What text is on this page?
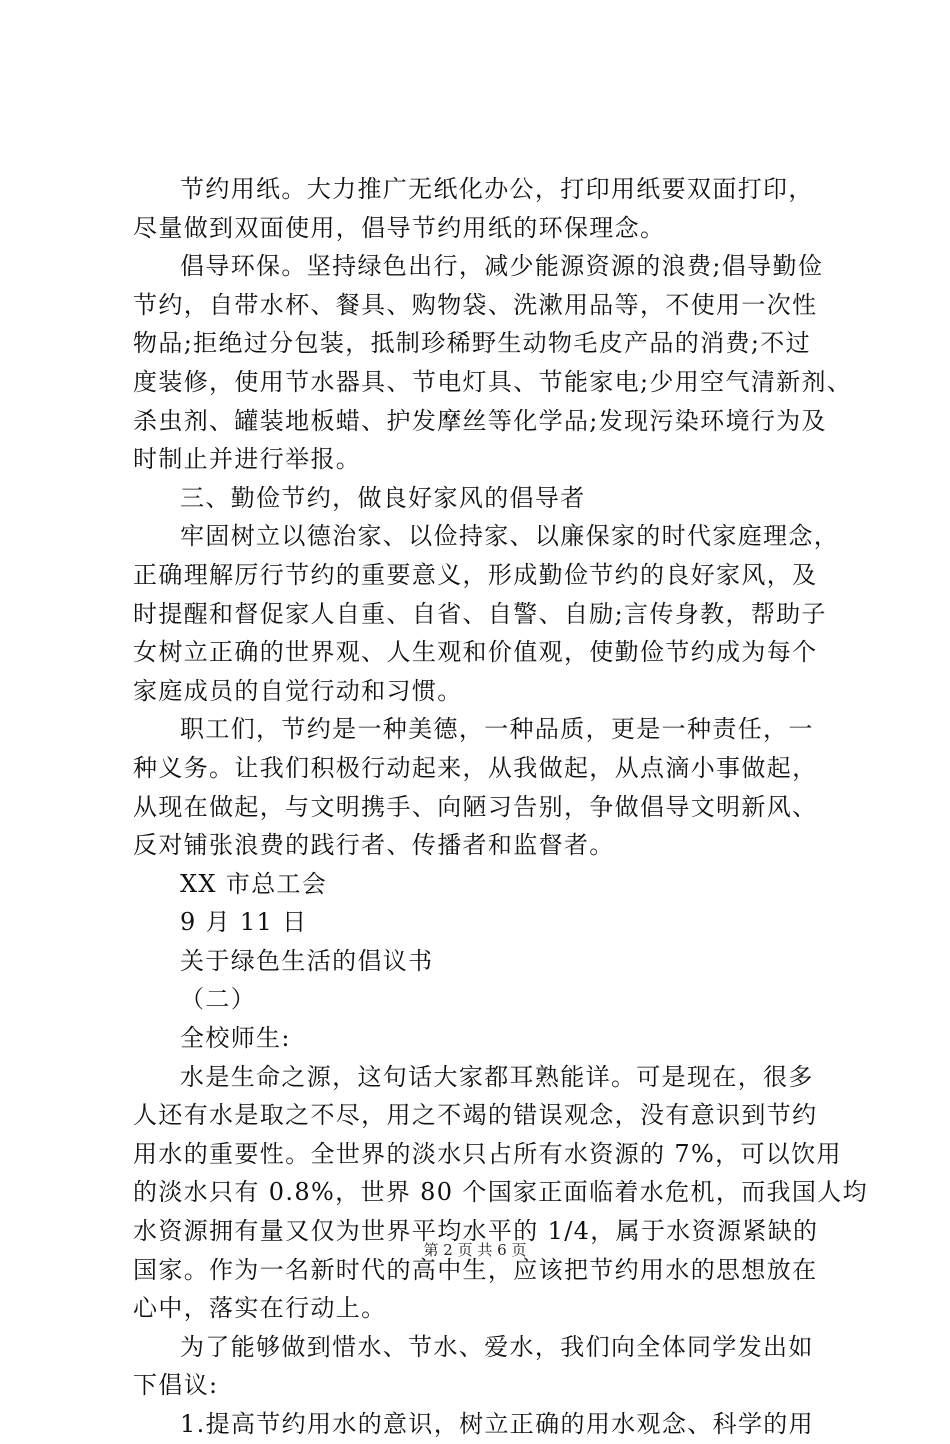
节约用纸。大力推广无纸化办公，打印用纸要双面打印，
尽量做到双面使用，倡导节约用纸的环保理念。
倡导环保。坚持绿色出行，减少能源资源的浪费;倡导勤俭
节约，自带水杯、餐具、购物袋、洗漱用品等，不使用一次性
物品;拒绝过分包装，抵制珍稀野生动物毛皮产品的消费;不过
度装修，使用节水器具、节电灯具、节能家电;少用空气清新剂、
杀虫剂、罐装地板蜡、护发摩丝等化学品;发现污染环境行为及
时制止并进行举报。
三、勤俭节约，做良好家风的倡导者
牢固树立以德治家、以俭持家、以廉保家的时代家庭理念，
正确理解厉行节约的重要意义，形成勤俭节约的良好家风，及
时提醒和督促家人自重、自省、自警、自励;言传身教，帮助子
女树立正确的世界观、人生观和价值观，使勤俭节约成为每个
家庭成员的自觉行动和习惯。
职工们，节约是一种美德，一种品质，更是一种责任，一
种义务。让我们积极行动起来，从我做起，从点滴小事做起，
从现在做起，与文明携手、向陋习告别，争做倡导文明新风、
反对铺张浪费的践行者、传播者和监督者。
XX 市总工会
9 月 11 日
关于绿色生活的倡议书
（二）
全校师生:
水是生命之源，这句话大家都耳熟能详。可是现在，很多
人还有水是取之不尽，用之不竭的错误观念，没有意识到节约
用水的重要性。全世界的淡水只占所有水资源的 7%，可以饮用
的淡水只有 0.8%，世界 80 个国家正面临着水危机，而我国人均
水资源拥有量又仅为世界平均水平的 1/4，属于水资源紧缺的
国家。作为一名新时代的高中生，应该把节约用水的思想放在
心中，落实在行动上。
为了能够做到惜水、节水、爱水，我们向全体同学发出如
下倡议:
1.提高节约用水的意识，树立正确的用水观念、科学的用
第 2 页 共 6 页
